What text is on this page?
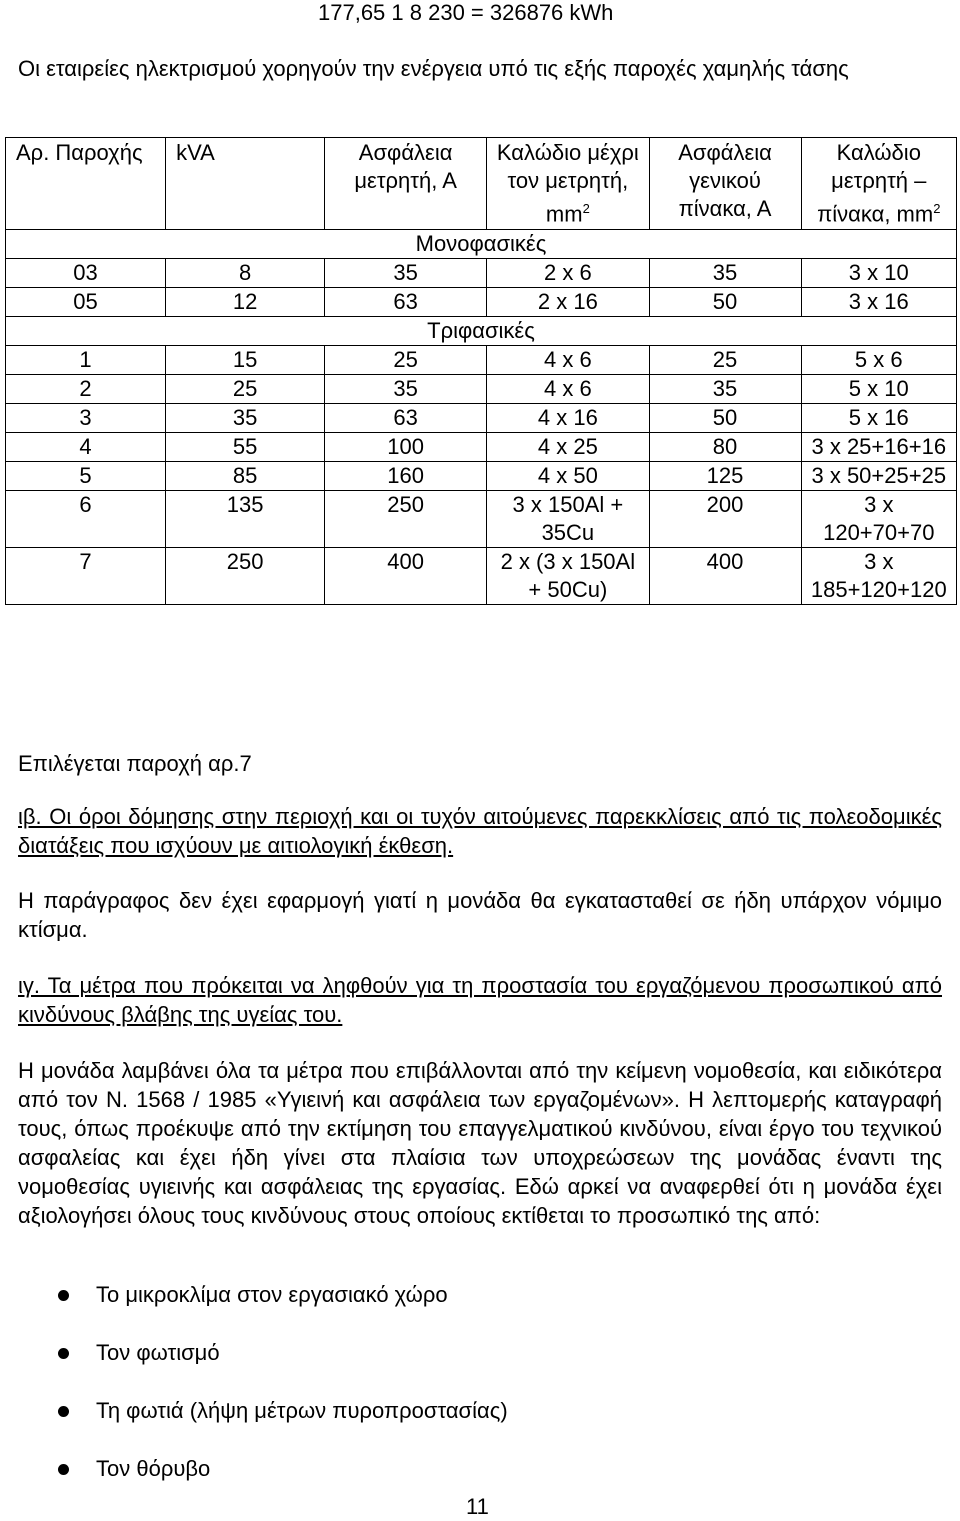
177,65 1 8 230 = 326876 kWh
Οι εταιρείες ηλεκτρισμού χορηγούν την ενέργεια υπό τις εξής παροχές χαμηλής τάσης
Αρ. Παροχής	kVA	Ασφάλεια μετρητή, Α	Καλώδιο μέχρι τον μετρητή, $mm^2$	Ασφάλεια γενικού πίνακα, Α	Καλώδιο μετρητή – πίνακα, $mm^2$
Μονοφασικές					
03	8	35	2 x 6	35	3 x 10
05	12	63	2 x 16	50	3 x 16
Τριφασικές					
1	15	25	4 x 6	25	5 x 6
2	25	35	4 x 6	35	5 x 10
3	35	63	4 x 16	50	5 x 16
4	55	100	4 x 25	80	3 x 25+16+16
5	85	160	4 x 50	125	3 x 50+25+25
6	135	250	3 x 150Al + 35Cu	200	3 x 120+70+70
7	250	400	2 x (3 x 150Al + 50Cu)	400	3 x 185+120+120
Επιλέγεται παροχή αρ.7
ιβ. Οι όροι δόμησης στην περιοχή και οι τυχόν αιτούμενες παρεκκλίσεις από τις πολεοδομικές διατάξεις που ισχύουν με αιτιολογική έκθεση.
Η παράγραφος δεν έχει εφαρμογή γιατί η μονάδα θα εγκατασταθεί σε ήδη υπάρχον νόμιμο κτίσμα.
ιγ. Τα μέτρα που πρόκειται να ληφθούν για τη προστασία του εργαζόμενου προσωπικού από κινδύνους βλάβης της υγείας του.
Η μονάδα λαμβάνει όλα τα μέτρα που επιβάλλονται από την κείμενη νομοθεσία, και ειδικότερα από τον Ν. 1568 / 1985 «Υγιεινή και ασφάλεια των εργαζομένων». Η λεπτομερής καταγραφή τους, όπως προέκυψε από την εκτίμηση του επαγγελματικού κινδύνου, είναι έργο του τεχνικού ασφαλείας και έχει ήδη γίνει στα πλαίσια των υποχρεώσεων της μονάδας έναντι της νομοθεσίας υγιεινής και ασφάλειας της εργασίας. Εδώ αρκεί να αναφερθεί ότι η μονάδα έχει αξιολογήσει όλους τους κινδύνους στους οποίους εκτίθεται το προσωπικό της από:
Το μικροκλίμα στον εργασιακό χώρο
Τον φωτισμό
Τη φωτιά (λήψη μέτρων πυροπροστασίας)
Τον θόρυβο
11
